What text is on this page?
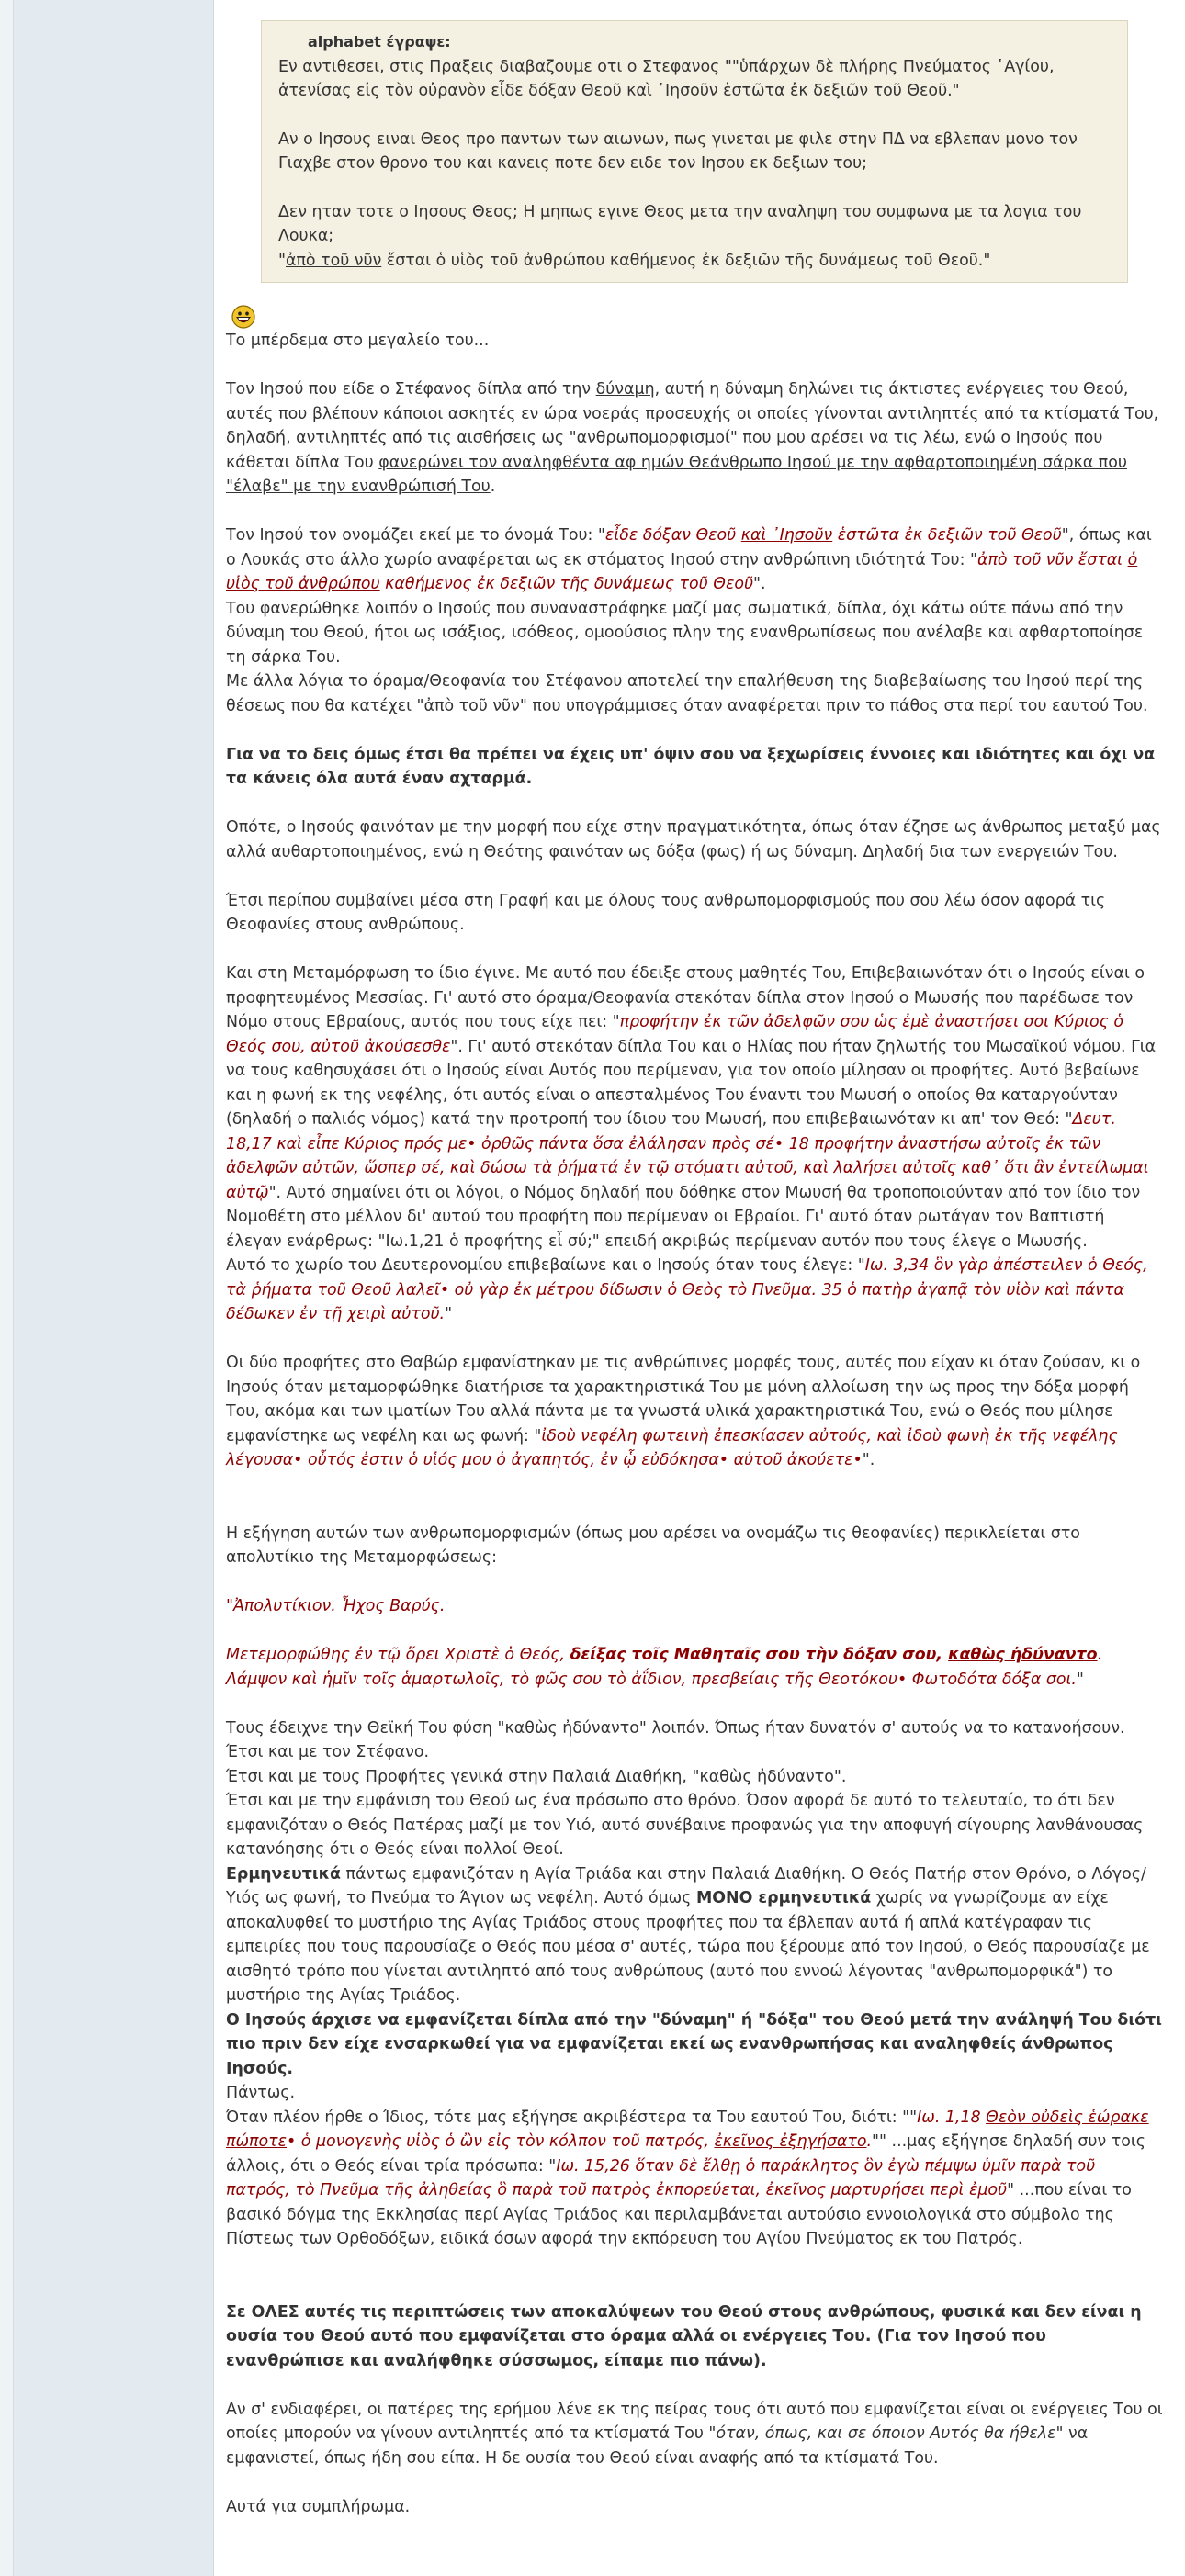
alphabet έγραψε:

Εν αντιθεσει, στις Πραξεις διαβαζουμε οτι ο Στεφανος ""ὑπάρχων δὲ πλήρης Πνεύματος ῾Αγίου, ἀτενίσας εἰς τὸν οὐρανὸν εἶδε δόξαν Θεοῦ καὶ ᾿Ιησοῦν ἑστῶτα ἐκ δεξιῶν τοῦ Θεοῦ."

Αν ο Ιησους ειναι Θεος προ παντων των αιωνων, πως γινεται με φιλε στην ΠΔ να εβλεπαν μονο τον Γιαχβε στον θρονο του και κανεις ποτε δεν ειδε τον Ιησου εκ δεξιων του;

Δεν ηταν τοτε ο Ιησους Θεος; Η μηπως εγινε Θεος μετα την αναληψη του συμφωνα με τα λογια του Λουκα;
"ἀπὸ τοῦ νῦν ἔσται ὁ υἱὸς τοῦ ἀνθρώπου καθήμενος ἐκ δεξιῶν τῆς δυνάμεως τοῦ Θεοῦ."

Το μπέρδεμα στο μεγαλείο του...

Τον Ιησού που είδε ο Στέφανος δίπλα από την δύναμη, αυτή η δύναμη δηλώνει τις άκτιστες ενέργειες του Θεού, αυτές που βλέπουν κάποιοι ασκητές εν ώρα νοεράς προσευχής οι οποίες γίνονται αντιληπτές από τα κτίσματά Του, δηλαδή, αντιληπτές από τις αισθήσεις ως "ανθρωπομορφισμοί" που μου αρέσει να τις λέω, ενώ ο Ιησούς που κάθεται δίπλα Του φανερώνει τον αναληφθέντα αφ ημών Θεάνθρωπο Ιησού με την αφθαρτοποιημένη σάρκα που "έλαβε" με την ενανθρώπισή Του.

Τον Ιησού τον ονομάζει εκεί με το όνομά Του: "εἶδε δόξαν Θεοῦ καὶ ᾿Ιησοῦν ἑστῶτα ἐκ δεξιῶν τοῦ Θεοῦ", όπως και ο Λουκάς στο άλλο χωρίο αναφέρεται ως εκ στόματος Ιησού στην ανθρώπινη ιδιότητά Του: "ἀπὸ τοῦ νῦν ἔσται ὁ υἱὸς τοῦ ἀνθρώπου καθήμενος ἐκ δεξιῶν τῆς δυνάμεως τοῦ Θεοῦ".
Του φανερώθηκε λοιπόν ο Ιησούς που συναναστράφηκε μαζί μας σωματικά, δίπλα, όχι κάτω ούτε πάνω από την δύναμη του Θεού, ήτοι ως ισάξιος, ισόθεος, ομοούσιος πλην της ενανθρωπίσεως που ανέλαβε και αφθαρτοποίησε τη σάρκα Του.
Με άλλα λόγια το όραμα/Θεοφανία του Στέφανου αποτελεί την επαλήθευση της διαβεβαίωσης του Ιησού περί της θέσεως που θα κατέχει "ἀπὸ τοῦ νῦν" που υπογράμμισες όταν αναφέρεται πριν το πάθος στα περί του εαυτού Του.

Για να το δεις όμως έτσι θα πρέπει να έχεις υπ' όψιν σου να ξεχωρίσεις έννοιες και ιδιότητες και όχι να τα κάνεις όλα αυτά έναν αχταρμά.

Οπότε, ο Ιησούς φαινόταν με την μορφή που είχε στην πραγματικότητα, όπως όταν έζησε ως άνθρωπος μεταξύ μας αλλά αυθαρτοποιημένος, ενώ η Θεότης φαινόταν ως δόξα (φως) ή ως δύναμη. Δηλαδή δια των ενεργειών Του.

Έτσι περίπου συμβαίνει μέσα στη Γραφή και με όλους τους ανθρωπομορφισμούς που σου λέω όσον αφορά τις Θεοφανίες στους ανθρώπους.

Και στη Μεταμόρφωση το ίδιο έγινε. Με αυτό που έδειξε στους μαθητές Του, Επιβεβαιωνόταν ότι ο Ιησούς είναι ο προφητευμένος Μεσσίας. Γι' αυτό στο όραμα/Θεοφανία στεκόταν δίπλα στον Ιησού ο Μωυσής που παρέδωσε τον Νόμο στους Εβραίους, αυτός που τους είχε πει: "προφήτην ἐκ τῶν ἀδελφῶν σου ὡς ἐμὲ ἀναστήσει σοι Κύριος ὁ Θεός σου, αὐτοῦ ἀκούσεσθε". Γι' αυτό στεκόταν δίπλα Του και ο Ηλίας που ήταν ζηλωτής του Μωσαϊκού νόμου. Για να τους καθησυχάσει ότι ο Ιησούς είναι Αυτός που περίμεναν, για τον οποίο μίλησαν οι προφήτες. Αυτό βεβαίωνε και η φωνή εκ της νεφέλης, ότι αυτός είναι ο απεσταλμένος Του έναντι του Μωυσή ο οποίος θα καταργούνταν (δηλαδή ο παλιός νόμος) κατά την προτροπή του ίδιου του Μωυσή, που επιβεβαιωνόταν κι απ' τον Θεό: "Δευτ. 18,17 καὶ εἶπε Κύριος πρός με• ὀρθῶς πάντα ὅσα ἐλάλησαν πρὸς σέ• 18 προφήτην ἀναστήσω αὐτοῖς ἐκ τῶν ἀδελφῶν αὐτῶν, ὥσπερ σέ, καὶ δώσω τὰ ῥήματά ἐν τῷ στόματι αὐτοῦ, καὶ λαλήσει αὐτοῖς καθ᾿ ὅτι ἂν ἐντείλωμαι αὐτῷ". Αυτό σημαίνει ότι οι λόγοι, ο Νόμος δηλαδή που δόθηκε στον Μωυσή θα τροποποιούνταν από τον ίδιο τον Νομοθέτη στο μέλλον δι' αυτού του προφήτη που περίμεναν οι Εβραίοι. Γι' αυτό όταν ρωτάγαν τον Βαπτιστή έλεγαν ενάρθρως: "Ιω.1,21 ὁ προφήτης εἶ σύ;" επειδή ακριβώς περίμεναν αυτόν που τους έλεγε ο Μωυσής.
Αυτό το χωρίο του Δευτερονομίου επιβεβαίωνε και ο Ιησούς όταν τους έλεγε: "Ιω. 3,34 ὃν γὰρ ἀπέστειλεν ὁ Θεός, τὰ ῥήματα τοῦ Θεοῦ λαλεῖ• οὐ γὰρ ἐκ μέτρου δίδωσιν ὁ Θεὸς τὸ Πνεῦμα. 35 ὁ πατὴρ ἀγαπᾷ τὸν υἱὸν καὶ πάντα δέδωκεν ἐν τῇ χειρὶ αὐτοῦ."

Οι δύο προφήτες στο Θαβώρ εμφανίστηκαν με τις ανθρώπινες μορφές τους, αυτές που είχαν κι όταν ζούσαν, κι ο Ιησούς όταν μεταμορφώθηκε διατήρισε τα χαρακτηριστικά Του με μόνη αλλοίωση την ως προς την δόξα μορφή Του, ακόμα και των ιματίων Του αλλά πάντα με τα γνωστά υλικά χαρακτηριστικά Του, ενώ ο Θεός που μίλησε εμφανίστηκε ως νεφέλη και ως φωνή: "ἰδοὺ νεφέλη φωτεινὴ ἐπεσκίασεν αὐτούς, καὶ ἰδοὺ φωνὴ ἐκ τῆς νεφέλης λέγουσα• οὗτός ἐστιν ὁ υἱός μου ὁ ἀγαπητός, ἐν ᾧ εὐδόκησα• αὐτοῦ ἀκούετε•".

Η εξήγηση αυτών των ανθρωπομορφισμών (όπως μου αρέσει να ονομάζω τις θεοφανίες) περικλείεται στο απολυτίκιο της Μεταμορφώσεως:

"Ἀπολυτίκιον. Ἦχος Βαρύς.

Μετεμορφώθης ἐν τῷ ὄρει Χριστὲ ὁ Θεός, δείξας τοῖς Μαθηταῖς σου τὴν δόξαν σου, καθὼς ἠδύναντο. Λάμψον καὶ ἡμῖν τοῖς ἁμαρτωλοῖς, τὸ φῶς σου τὸ ἀΐδιον, πρεσβείαις τῆς Θεοτόκου• Φωτοδότα δόξα σοι."

Τους έδειχνε την Θεϊκή Του φύση "καθὼς ἠδύναντο" λοιπόν. Όπως ήταν δυνατόν σ' αυτούς να το κατανοήσουν.
Έτσι και με τον Στέφανο.
Έτσι και με τους Προφήτες γενικά στην Παλαιά Διαθήκη, "καθὼς ἠδύναντο".
Έτσι και με την εμφάνιση του Θεού ως ένα πρόσωπο στο θρόνο. Όσον αφορά δε αυτό το τελευταίο, το ότι δεν εμφανιζόταν ο Θεός Πατέρας μαζί με τον Υιό, αυτό συνέβαινε προφανώς για την αποφυγή σίγουρης λανθάνουσας κατανόησης ότι ο Θεός είναι πολλοί Θεοί.
Ερμηνευτικά πάντως εμφανιζόταν η Αγία Τριάδα και στην Παλαιά Διαθήκη. Ο Θεός Πατήρ στον Θρόνο, ο Λόγος/Υιός ως φωνή, το Πνεύμα το Άγιον ως νεφέλη. Αυτό όμως ΜΟΝΟ ερμηνευτικά χωρίς να γνωρίζουμε αν είχε αποκαλυφθεί το μυστήριο της Αγίας Τριάδος στους προφήτες που τα έβλεπαν αυτά ή απλά κατέγραφαν τις εμπειρίες που τους παρουσίαζε ο Θεός που μέσα σ' αυτές, τώρα που ξέρουμε από τον Ιησού, ο Θεός παρουσίαζε με αισθητό τρόπο που γίνεται αντιληπτό από τους ανθρώπους (αυτό που εννοώ λέγοντας "ανθρωπομορφικά") το μυστήριο της Αγίας Τριάδος.
Ο Ιησούς άρχισε να εμφανίζεται δίπλα από την "δύναμη" ή "δόξα" του Θεού μετά την ανάληψή Του διότι πιο πριν δεν είχε ενσαρκωθεί για να εμφανίζεται εκεί ως ενανθρωπήσας και αναληφθείς άνθρωπος Ιησούς.
Πάντως.
Όταν πλέον ήρθε ο Ίδιος, τότε μας εξήγησε ακριβέστερα τα Του εαυτού Του, διότι: ""Ιω. 1,18 Θεὸν οὐδεὶς ἑώρακε πώποτε• ὁ μονογενὴς υἱὸς ὁ ὢν εἰς τὸν κόλπον τοῦ πατρός, ἐκεῖνος ἐξηγήσατο."" ...μας εξήγησε δηλαδή συν τοις άλλοις, ότι ο Θεός είναι τρία πρόσωπα: "Ιω. 15,26 ὅταν δὲ ἔλθῃ ὁ παράκλητος ὃν ἐγὼ πέμψω ὑμῖν παρὰ τοῦ πατρός, τὸ Πνεῦμα τῆς ἀληθείας ὃ παρὰ τοῦ πατρὸς ἐκπορεύεται, ἐκεῖνος μαρτυρήσει περὶ ἐμοῦ" ...που είναι το βασικό δόγμα της Εκκλησίας περί Αγίας Τριάδος και περιλαμβάνεται αυτούσιο εννοιολογικά στο σύμβολο της Πίστεως των Ορθοδόξων, ειδικά όσων αφορά την εκπόρευση του Αγίου Πνεύματος εκ του Πατρός.

Σε ΟΛΕΣ αυτές τις περιπτώσεις των αποκαλύψεων του Θεού στους ανθρώπους, φυσικά και δεν είναι η ουσία του Θεού αυτό που εμφανίζεται στο όραμα αλλά οι ενέργειες Του. (Για τον Ιησού που ενανθρώπισε και αναλήφθηκε σύσσωμος, είπαμε πιο πάνω).

Αν σ' ενδιαφέρει, οι πατέρες της ερήμου λένε εκ της πείρας τους ότι αυτό που εμφανίζεται είναι οι ενέργειες Του οι οποίες μπορούν να γίνουν αντιληπτές από τα κτίσματά Του "όταν, όπως, και σε όποιον Αυτός θα ήθελε" να εμφανιστεί, όπως ήδη σου είπα. Η δε ουσία του Θεού είναι αναφής από τα κτίσματά Του.

Αυτά για συμπλήρωμα.
